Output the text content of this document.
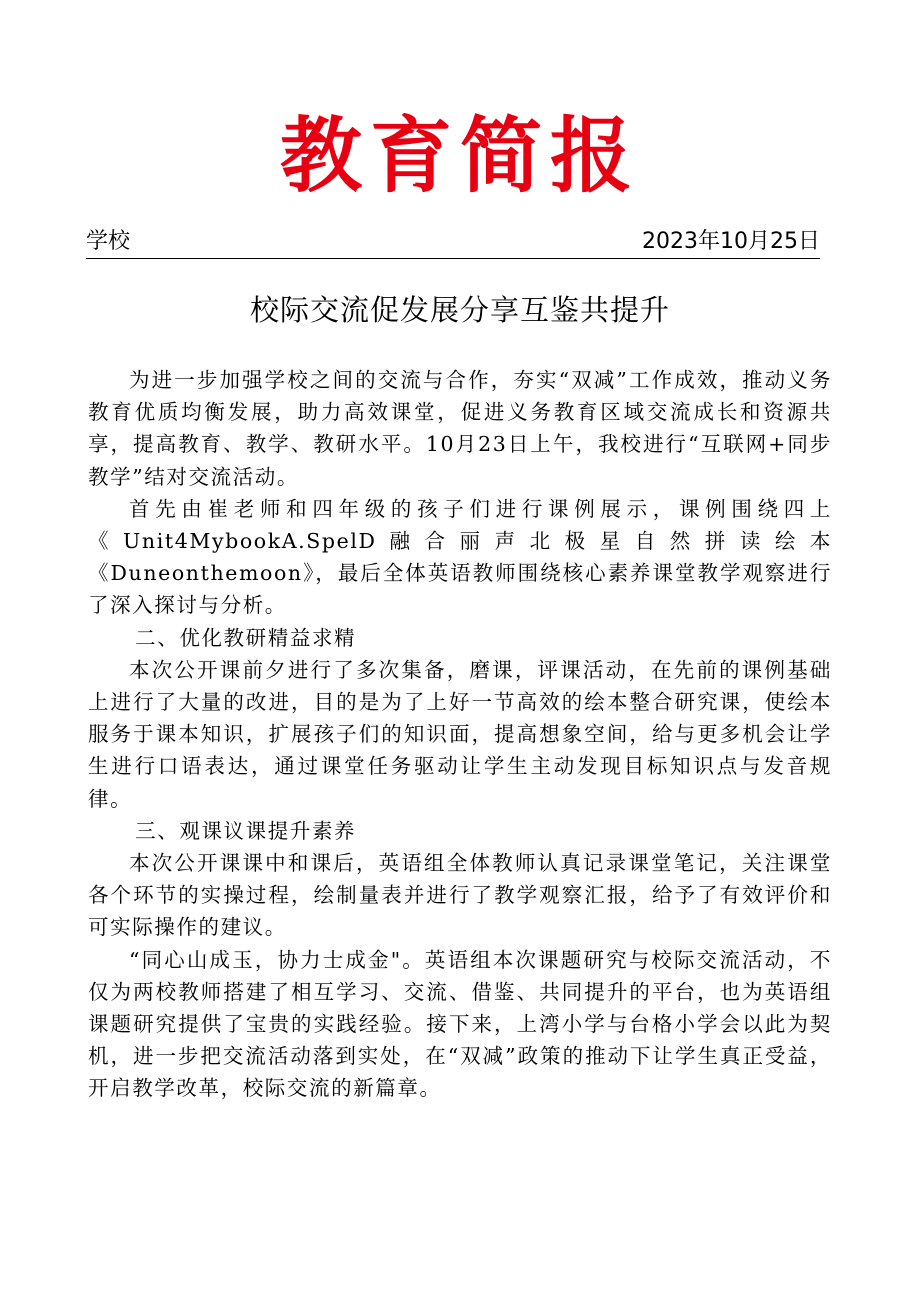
教育简报
学校	2023年10月25日
校际交流促发展分享互鉴共提升

为进一步加强学校之间的交流与合作，夯实“双减”工作成效，推动义务教育优质均衡发展，助力高效课堂，促进义务教育区域交流成长和资源共享，提高教育、教学、教研水平。10月23日上午，我校进行“互联网+同步教学”结对交流活动。

首先由崔老师和四年级的孩子们进行课例展示，课例围绕四上《Unit4MybookA.SpelD融合丽声北极星自然拼读绘本《Duneonthemoon》，最后全体英语教师围绕核心素养课堂教学观察进行了深入探讨与分析。

二、优化教研精益求精

本次公开课前夕进行了多次集备，磨课，评课活动，在先前的课例基础上进行了大量的改进，目的是为了上好一节高效的绘本整合研究课，使绘本服务于课本知识，扩展孩子们的知识面，提高想象空间，给与更多机会让学生进行口语表达，通过课堂任务驱动让学生主动发现目标知识点与发音规律。

三、观课议课提升素养

本次公开课课中和课后，英语组全体教师认真记录课堂笔记，关注课堂各个环节的实操过程，绘制量表并进行了教学观察汇报，给予了有效评价和可实际操作的建议。

“同心山成玉，协力士成金"。英语组本次课题研究与校际交流活动，不仅为两校教师搭建了相互学习、交流、借鉴、共同提升的平台，也为英语组课题研究提供了宝贵的实践经验。接下来，上湾小学与台格小学会以此为契机，进一步把交流活动落到实处，在“双减”政策的推动下让学生真正受益，开启教学改革，校际交流的新篇章。
